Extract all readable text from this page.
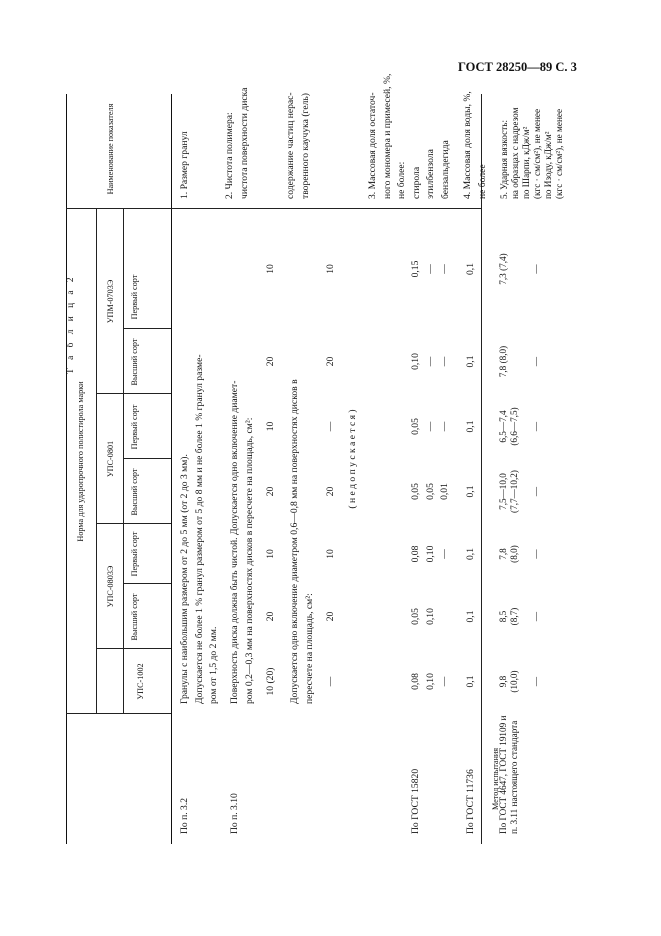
ГОСТ 28250—89 С. 3
Т а б л и ц а 2
Наименование показателя
Норма для ударопрочного полистирола марки
Метод испытания
УПС-1002
УПС-0803Э
УПС-0801
УПМ-0703Э
Высший сорт
Первый сорт
Высший сорт
Первый сорт
Высший сорт
Первый сорт
1. Размер гранул
Гранулы с наибольшим размером от 2 до 5 мм (от 2 до 3 мм).
Допускается не более 1 % гранул размером от 5 до 8 мм и не более 1 % гранул разме-
ром от 1,5 до 2 мм.
По п. 3.2
2. Чистота полимера:
чистота поверхности диска
Поверхность диска должна быть чистой. Допускается одно включение диамет-
ром 0,2—0,3 мм на поверхностях дисков в пересчете на площадь, см²:
По п. 3.10
10 (20)
20
10
20
10
20
10
содержание частиц нерас-
творенного каучука (гель)
Допускается одно включение диаметром 0,6—0,8 мм на поверхностях дисков в
пересчете на площадь, см²:
—
20
10
20
—
20
10
( н е д о п у с к а е т с я )
3. Массовая доля остаточ-
ного мономера и примесей, %,
не более:
стирола
этилбензола
бензальдегида
0,08
0,10
—
0,05
0,10
0,08
0,10
—
0,05
0,05
0,01
0,05
—
—
0,10
—
—
0,15
—
—
По ГОСТ 15820
4. Массовая доля воды, %,
не более
0,1
0,1
0,1
0,1
0,1
0,1
0,1
По ГОСТ 11736
5. Ударная вязкость:
на образцах с надрезом
по Шарпи, кДж/м²
(кгс · см/см²), не менее
по Изоду, кДж/м²
(кгс · см/см²), не менее
9,8
(10,0)

—
8,5
(8,7)

—
7,8
(8,0)

—
7,5—10,0
(7,7—10,2)

—
6,5—7,4
(6,6—7,5)

—
7,8 (8,0)

—
7,3 (7,4)

—
По ГОСТ 4647, ГОСТ 19109 и
п. 3.11 настоящего стандарта
